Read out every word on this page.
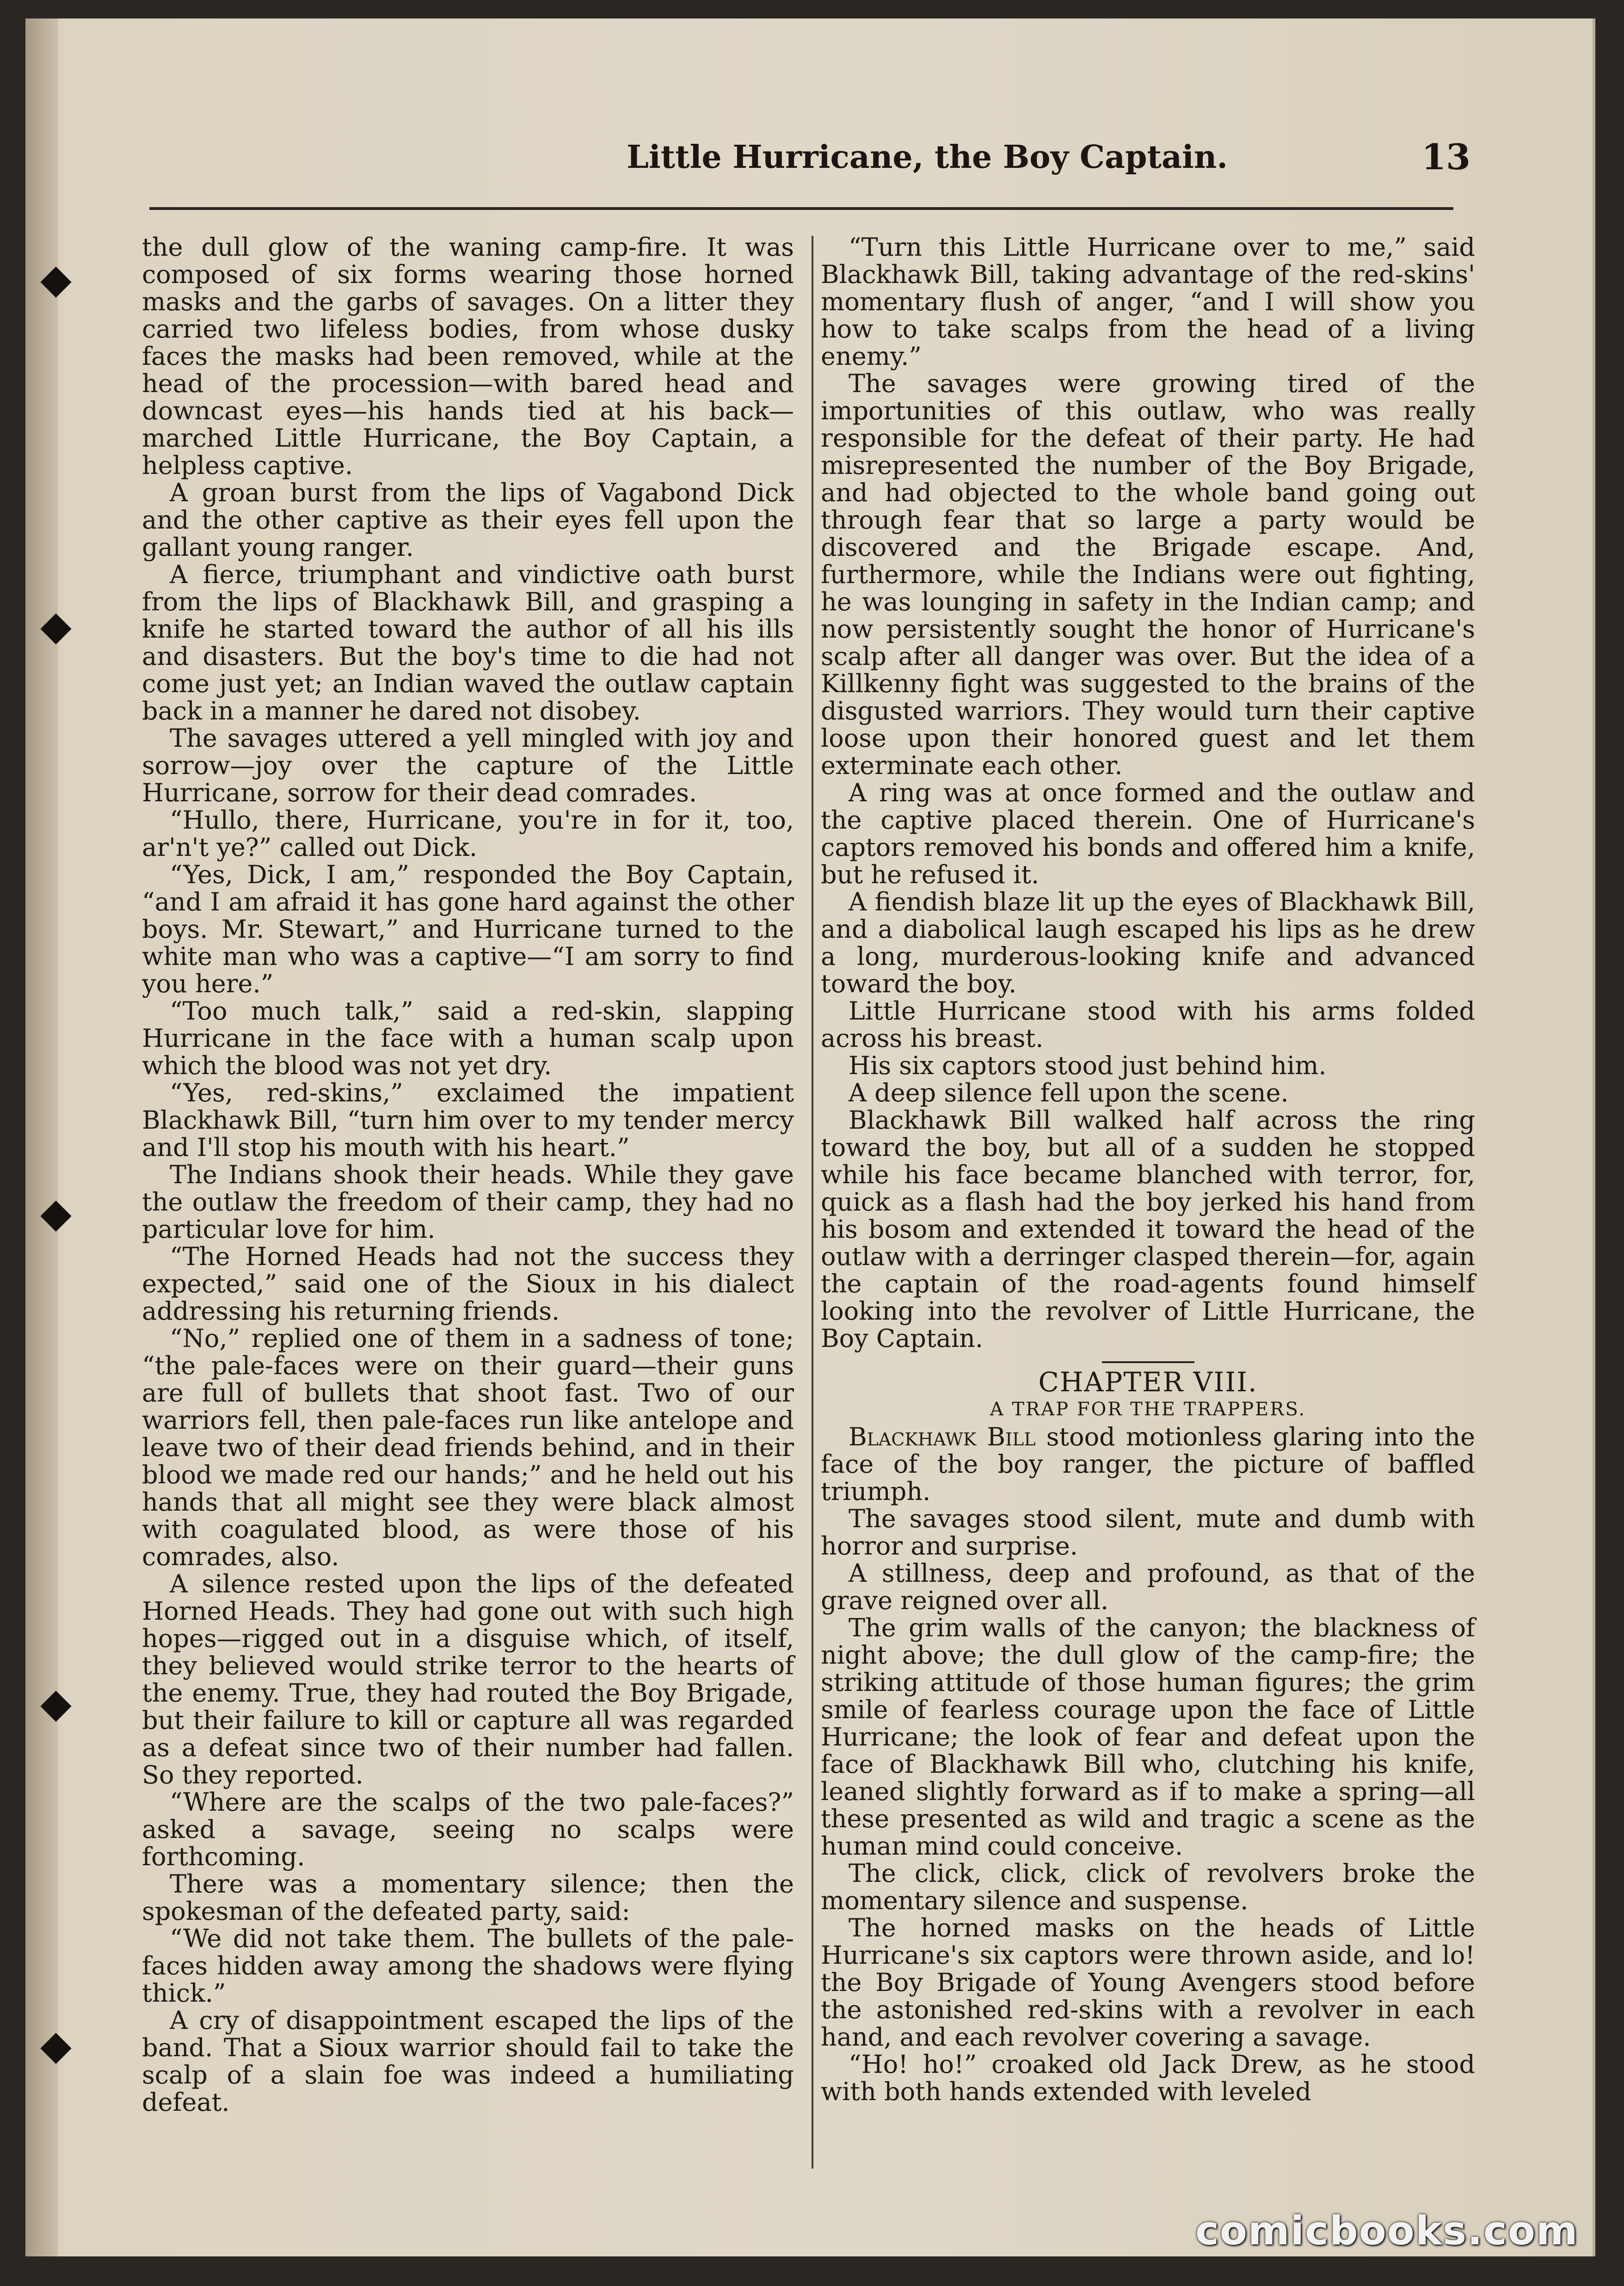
◆
◆
◆
◆
◆
Little Hurricane, the Boy Captain.	13

the dull glow of the waning camp-fire. It was composed of six forms wearing those horned masks and the garbs of savages. On a litter they carried two lifeless bodies, from whose dusky faces the masks had been removed, while at the head of the procession—with bared head and downcast eyes—his hands tied at his back—marched Little Hurricane, the Boy Captain, a helpless captive.

A groan burst from the lips of Vagabond Dick and the other captive as their eyes fell upon the gallant young ranger.

A fierce, triumphant and vindictive oath burst from the lips of Blackhawk Bill, and grasping a knife he started toward the author of all his ills and disasters. But the boy's time to die had not come just yet; an Indian waved the outlaw captain back in a manner he dared not disobey.

The savages uttered a yell mingled with joy and sorrow—joy over the capture of the Little Hurricane, sorrow for their dead comrades.

“Hullo, there, Hurricane, you're in for it, too, ar'n't ye?” called out Dick.

“Yes, Dick, I am,” responded the Boy Captain, “and I am afraid it has gone hard against the other boys. Mr. Stewart,” and Hurricane turned to the white man who was a captive—“I am sorry to find you here.”

“Too much talk,” said a red-skin, slapping Hurricane in the face with a human scalp upon which the blood was not yet dry.

“Yes, red-skins,” exclaimed the impatient Blackhawk Bill, “turn him over to my tender mercy and I'll stop his mouth with his heart.”

The Indians shook their heads. While they gave the outlaw the freedom of their camp, they had no particular love for him.

“The Horned Heads had not the success they expected,” said one of the Sioux in his dialect addressing his returning friends.

“No,” replied one of them in a sadness of tone; “the pale-faces were on their guard—their guns are full of bullets that shoot fast. Two of our warriors fell, then pale-faces run like antelope and leave two of their dead friends behind, and in their blood we made red our hands;” and he held out his hands that all might see they were black almost with coagulated blood, as were those of his comrades, also.

A silence rested upon the lips of the defeated Horned Heads. They had gone out with such high hopes—rigged out in a disguise which, of itself, they believed would strike terror to the hearts of the enemy. True, they had routed the Boy Brigade, but their failure to kill or capture all was regarded as a defeat since two of their number had fallen. So they reported.

“Where are the scalps of the two pale-faces?” asked a savage, seeing no scalps were forthcoming.

There was a momentary silence; then the spokesman of the defeated party, said:

“We did not take them. The bullets of the pale-faces hidden away among the shadows were flying thick.”

A cry of disappointment escaped the lips of the band. That a Sioux warrior should fail to take the scalp of a slain foe was indeed a humiliating defeat.

“Turn this Little Hurricane over to me,” said Blackhawk Bill, taking advantage of the red-skins' momentary flush of anger, “and I will show you how to take scalps from the head of a living enemy.”

The savages were growing tired of the importunities of this outlaw, who was really responsible for the defeat of their party. He had misrepresented the number of the Boy Brigade, and had objected to the whole band going out through fear that so large a party would be discovered and the Brigade escape. And, furthermore, while the Indians were out fighting, he was lounging in safety in the Indian camp; and now persistently sought the honor of Hurricane's scalp after all danger was over. But the idea of a Killkenny fight was suggested to the brains of the disgusted warriors. They would turn their captive loose upon their honored guest and let them exterminate each other.

A ring was at once formed and the outlaw and the captive placed therein. One of Hurricane's captors removed his bonds and offered him a knife, but he refused it.

A fiendish blaze lit up the eyes of Blackhawk Bill, and a diabolical laugh escaped his lips as he drew a long, murderous-looking knife and advanced toward the boy.

Little Hurricane stood with his arms folded across his breast.

His six captors stood just behind him.

A deep silence fell upon the scene.

Blackhawk Bill walked half across the ring toward the boy, but all of a sudden he stopped while his face became blanched with terror, for, quick as a flash had the boy jerked his hand from his bosom and extended it toward the head of the outlaw with a derringer clasped therein—for, again the captain of the road-agents found himself looking into the revolver of Little Hurricane, the Boy Captain.

CHAPTER VIII.

A TRAP FOR THE TRAPPERS.

Blackhawk Bill stood motionless glaring into the face of the boy ranger, the picture of baffled triumph.

The savages stood silent, mute and dumb with horror and surprise.

A stillness, deep and profound, as that of the grave reigned over all.

The grim walls of the canyon; the blackness of night above; the dull glow of the camp-fire; the striking attitude of those human figures; the grim smile of fearless courage upon the face of Little Hurricane; the look of fear and defeat upon the face of Blackhawk Bill who, clutching his knife, leaned slightly forward as if to make a spring—all these presented as wild and tragic a scene as the human mind could conceive.

The click, click, click of revolvers broke the momentary silence and suspense.

The horned masks on the heads of Little Hurricane's six captors were thrown aside, and lo! the Boy Brigade of Young Avengers stood before the astonished red-skins with a revolver in each hand, and each revolver covering a savage.

“Ho! ho!” croaked old Jack Drew, as he stood with both hands extended with leveled

comicbooks.com
